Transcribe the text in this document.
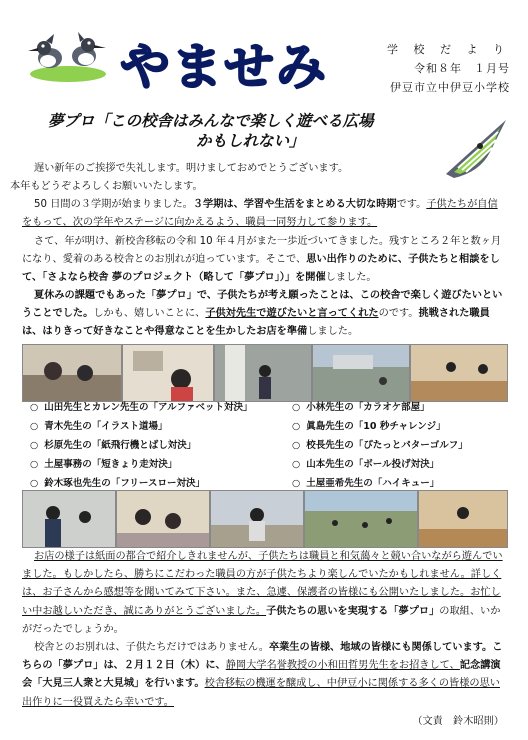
やませみ	学 校 だ よ り
令和８年　１月号
伊豆市立中伊豆小学校
夢プロ「この校舎はみんなで楽しく遊べる広場
かもしれない」
遅い新年のご挨拶で失礼します。明けましておめでとうございます。
本年もどうぞよろしくお願いいたします。
50 日間の３学期が始まりました。３学期は、学習や生活をまとめる大切な時期です。子供たちが自信をもって、次の学年やステージに向かえるよう、職員一同努力して参ります。
さて、年が明け、新校舎移転の令和 10 年４月がまた一歩近づいてきました。残すところ２年と数ヶ月になり、愛着のある校舎とのお別れが迫っています。そこで、思い出作りのために、子供たちと相談をして、「さよなら校舎 夢のプロジェクト（略して「夢プロ」）」を開催しました。
夏休みの課題でもあった「夢プロ」で、子供たちが考え願ったことは、この校舎で楽しく遊びたいということでした。しかも、嬉しいことに、子供対先生で遊びたいと言ってくれたのです。挑戦された職員は、はりきって好きなことや得意なことを生かしたお店を準備しました。
○ 山田先生とカレン先生の「アルファベット対決」
○ 青木先生の「イラスト道場」
○ 杉原先生の「紙飛行機とばし対決」
○ 土屋事務の「短きょり走対決」
○ 鈴木琢也先生の「フリースロー対決」
○ 小林先生の「カラオケ部屋」
○ 眞島先生の「10 秒チャレンジ」
○ 校長先生の「ぴたっとパターゴルフ」
○ 山本先生の「ボール投げ対決」
○ 土屋亜希先生の「ハイキュー」
お店の様子は紙面の都合で紹介しきれませんが、子供たちは職員と和気藹々と競い合いながら遊んでいました。もしかしたら、勝ちにこだわった職員の方が子供たちより楽しんでいたかもしれません。詳しくは、お子さんから感想等を聞いてみて下さい。また、急遽、保護者の皆様にも公開いたしました。お忙しい中お越しいただき、誠にありがとうございました。子供たちの思いを実現する「夢プロ」の取組、いかがだったでしょうか。
校舎とのお別れは、子供たちだけではありません。卒業生の皆様、地域の皆様にも関係しています。こちらの「夢プロ」は、２月１２日（木）に、静岡大学名誉教授の小和田哲男先生をお招きして、記念講演会「大見三人衆と大見城」を行います。校舎移転の機運を醸成し、中伊豆小に関係する多くの皆様の思い出作りに一役買えたら幸いです。
（文責　鈴木昭則）
